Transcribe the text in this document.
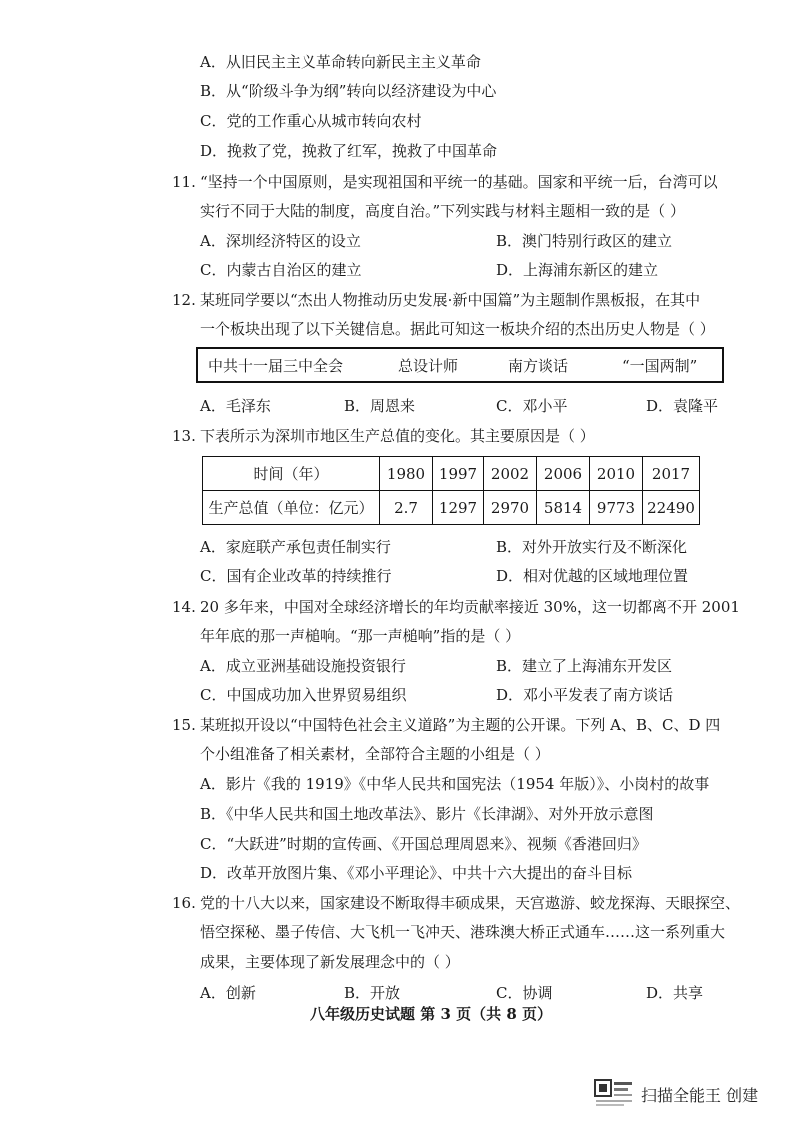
A．从旧民主主义革命转向新民主主义革命
B．从“阶级斗争为纲”转向以经济建设为中心
C．党的工作重心从城市转向农村
D．挽救了党，挽救了红军，挽救了中国革命
11. “坚持一个中国原则，是实现祖国和平统一的基础。国家和平统一后，台湾可以
实行不同于大陆的制度，高度自治。”下列实践与材料主题相一致的是（ ）
A．深圳经济特区的设立	B．澳门特别行政区的建立
C．内蒙古自治区的建立	D．上海浦东新区的建立
12. 某班同学要以“杰出人物推动历史发展·新中国篇”为主题制作黑板报，在其中
一个板块出现了以下关键信息。据此可知这一板块介绍的杰出历史人物是（ ）
中共十一届三中全会	总设计师	南方谈话	“一国两制”
A．毛泽东	B．周恩来	C．邓小平	D．袁隆平
13. 下表所示为深圳市地区生产总值的变化。其主要原因是（ ）
时间（年）	1980	1997	2002	2006	2010	2017
生产总值（单位：亿元）	2.7	1297	2970	5814	9773	22490
A．家庭联产承包责任制实行	B．对外开放实行及不断深化
C．国有企业改革的持续推行	D．相对优越的区域地理位置
14. 20 多年来，中国对全球经济增长的年均贡献率接近 30%，这一切都离不开 2001
年年底的那一声槌响。“那一声槌响”指的是（ ）
A．成立亚洲基础设施投资银行	B．建立了上海浦东开发区
C．中国成功加入世界贸易组织	D．邓小平发表了南方谈话
15. 某班拟开设以“中国特色社会主义道路”为主题的公开课。下列 A、B、C、D 四
个小组准备了相关素材，全部符合主题的小组是（ ）
A．影片《我的 1919》《中华人民共和国宪法（1954 年版）》、小岗村的故事
B．《中华人民共和国土地改革法》、影片《长津湖》、对外开放示意图
C．“大跃进”时期的宣传画、《开国总理周恩来》、视频《香港回归》
D．改革开放图片集、《邓小平理论》、中共十六大提出的奋斗目标
16. 党的十八大以来，国家建设不断取得丰硕成果，天宫遨游、蛟龙探海、天眼探空、
悟空探秘、墨子传信、大飞机一飞冲天、港珠澳大桥正式通车……这一系列重大
成果，主要体现了新发展理念中的（ ）
A．创新	B．开放	C．协调	D．共享
八年级历史试题 第 3 页（共 8 页）
扫描全能王 创建
